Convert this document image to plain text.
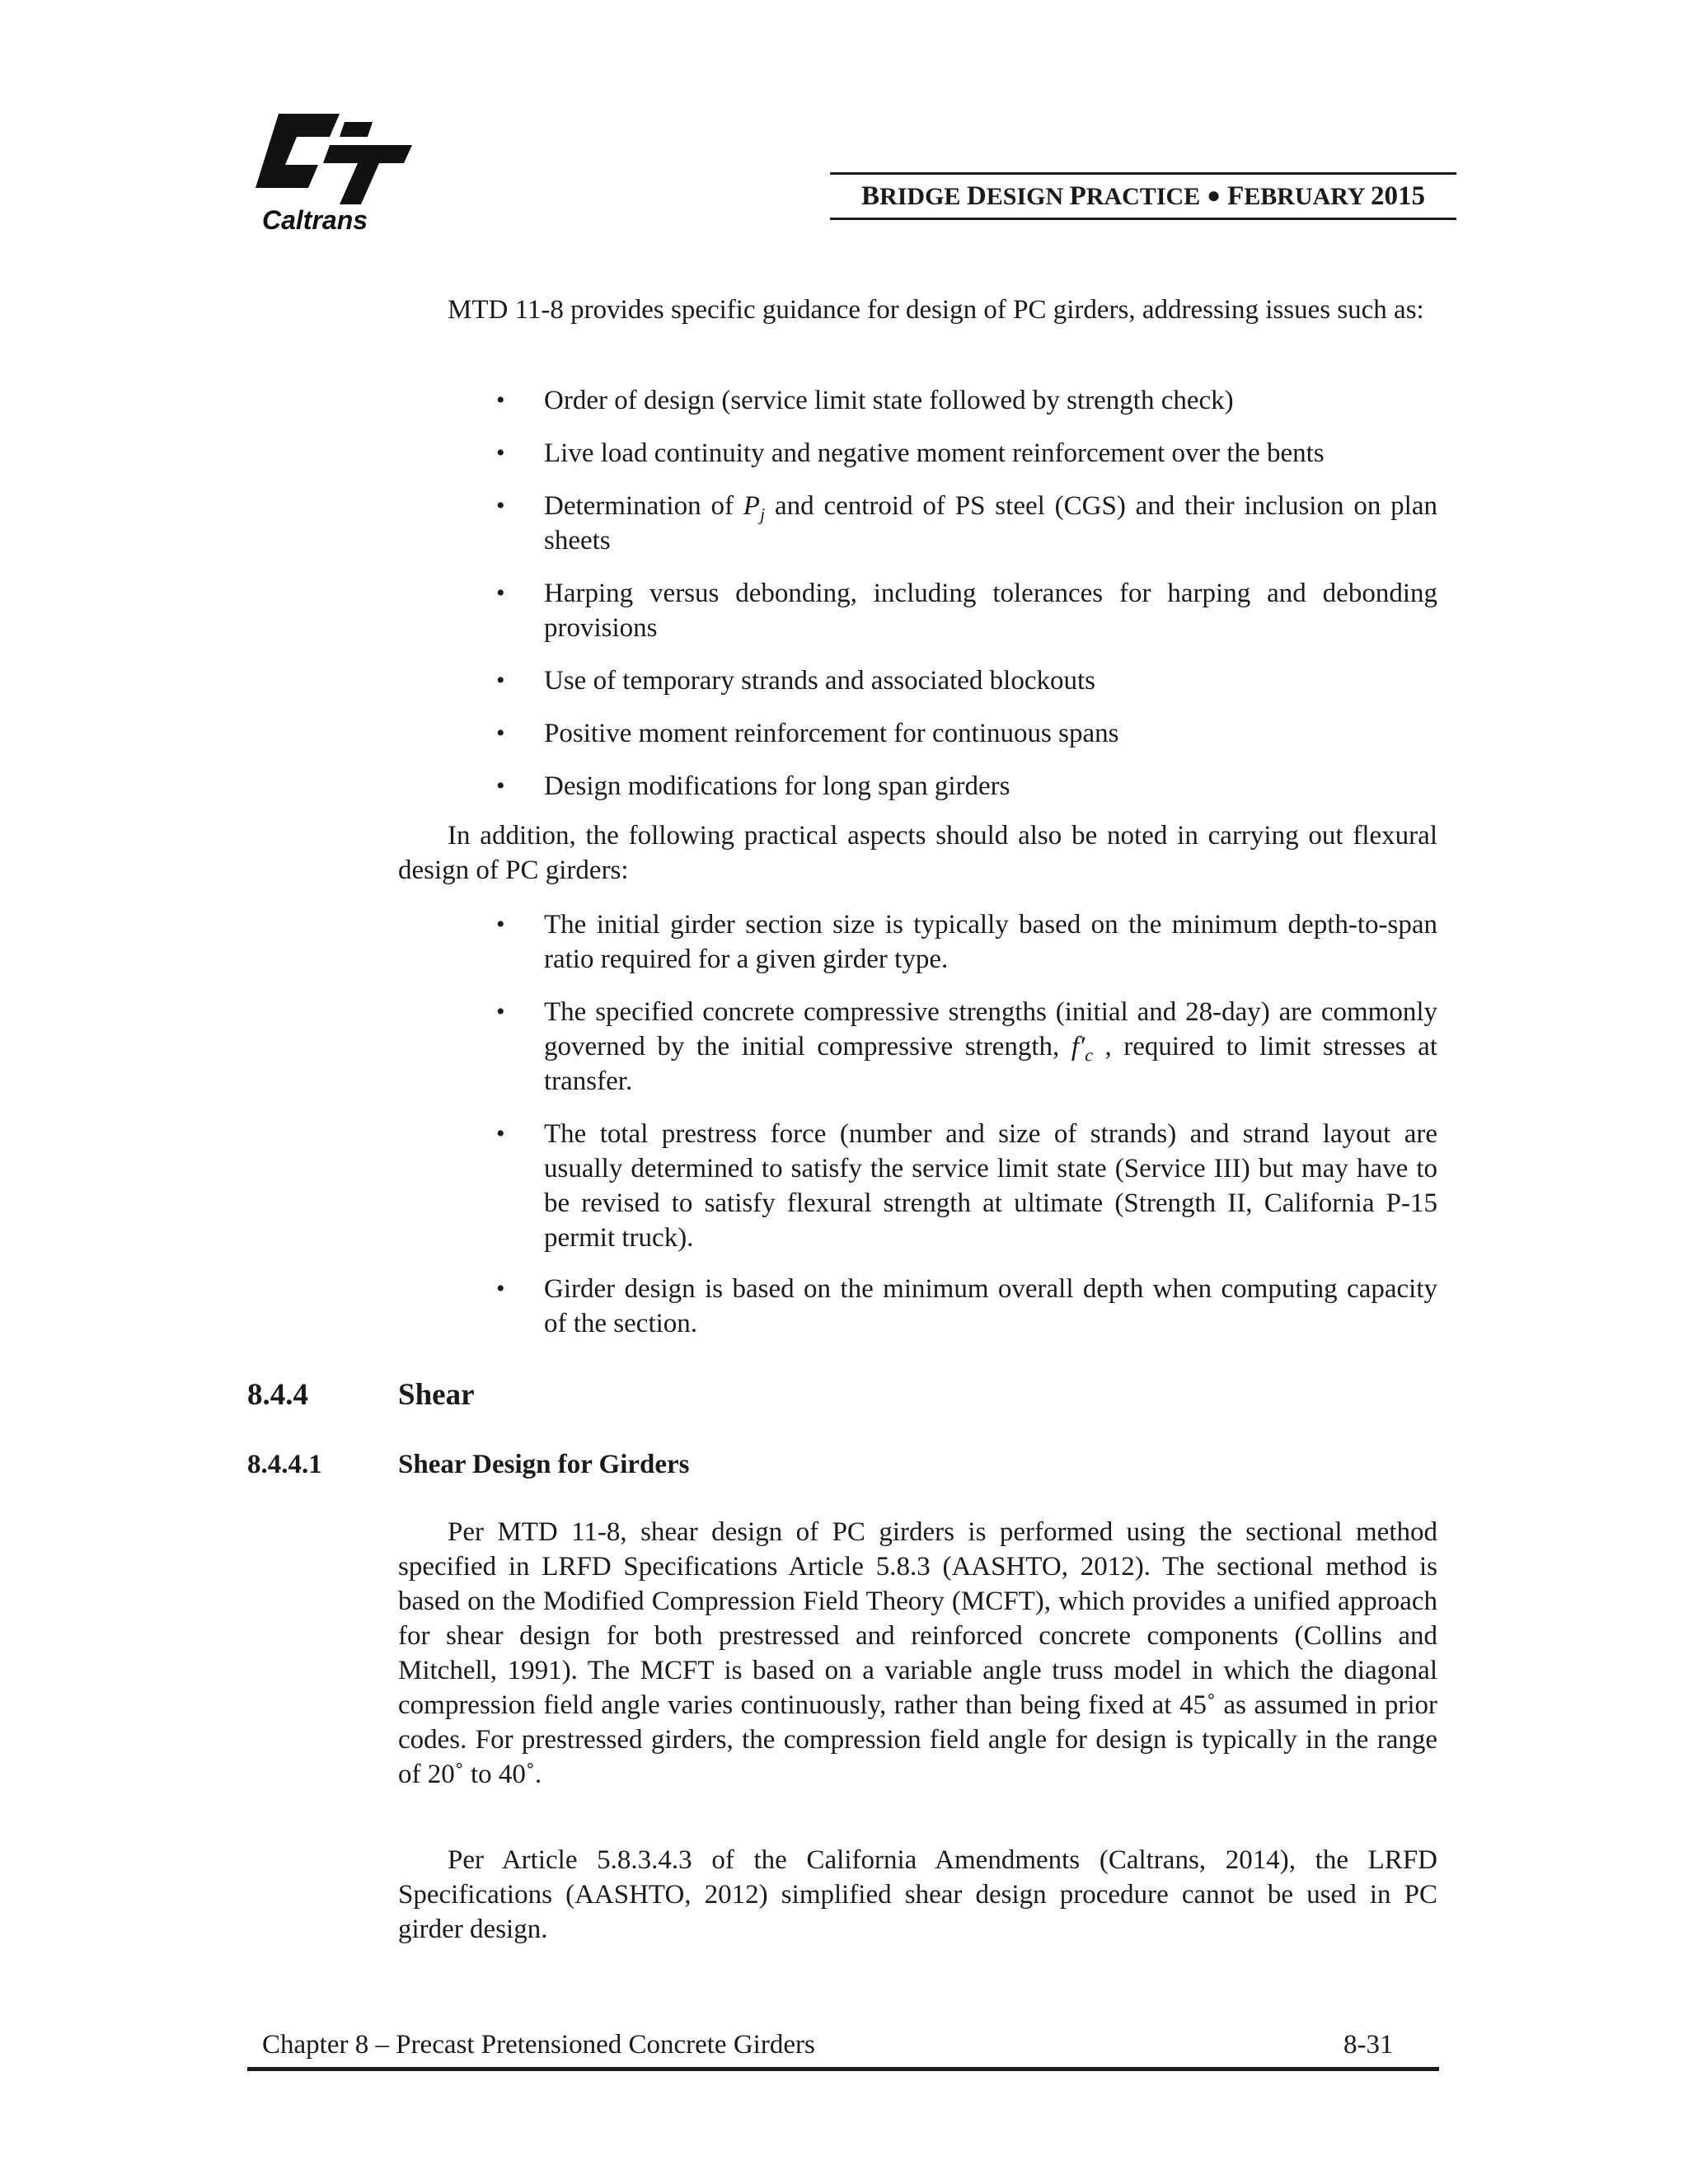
Caltrans
BRIDGE DESIGN PRACTICE ● FEBRUARY 2015
MTD 11-8 provides specific guidance for design of PC girders, addressing issues such as:
• Order of design (service limit state followed by strength check)
• Live load continuity and negative moment reinforcement over the bents
• Determination of $P_j$ and centroid of PS steel (CGS) and their inclusion on plan sheets
• Harping versus debonding, including tolerances for harping and debonding provisions
• Use of temporary strands and associated blockouts
• Positive moment reinforcement for continuous spans
• Design modifications for long span girders
In addition, the following practical aspects should also be noted in carrying out flexural design of PC girders:
• The initial girder section size is typically based on the minimum depth-to-span ratio required for a given girder type.
• The specified concrete compressive strengths (initial and 28-day) are commonly governed by the initial compressive strength, $f'_c$ , required to limit stresses at transfer.
• The total prestress force (number and size of strands) and strand layout are usually determined to satisfy the service limit state (Service III) but may have to be revised to satisfy flexural strength at ultimate (Strength II, California P-15 permit truck).
• Girder design is based on the minimum overall depth when computing capacity of the section.
8.4.4	Shear
8.4.4.1	Shear Design for Girders
Per MTD 11-8, shear design of PC girders is performed using the sectional method specified in LRFD Specifications Article 5.8.3 (AASHTO, 2012). The sectional method is based on the Modified Compression Field Theory (MCFT), which provides a unified approach for shear design for both prestressed and reinforced concrete components (Collins and Mitchell, 1991). The MCFT is based on a variable angle truss model in which the diagonal compression field angle varies continuously, rather than being fixed at 45˚ as assumed in prior codes. For prestressed girders, the compression field angle for design is typically in the range of 20˚ to 40˚.
Per Article 5.8.3.4.3 of the California Amendments (Caltrans, 2014), the LRFD Specifications (AASHTO, 2012) simplified shear design procedure cannot be used in PC girder design.
Chapter 8 – Precast Pretensioned Concrete Girders	8-31
